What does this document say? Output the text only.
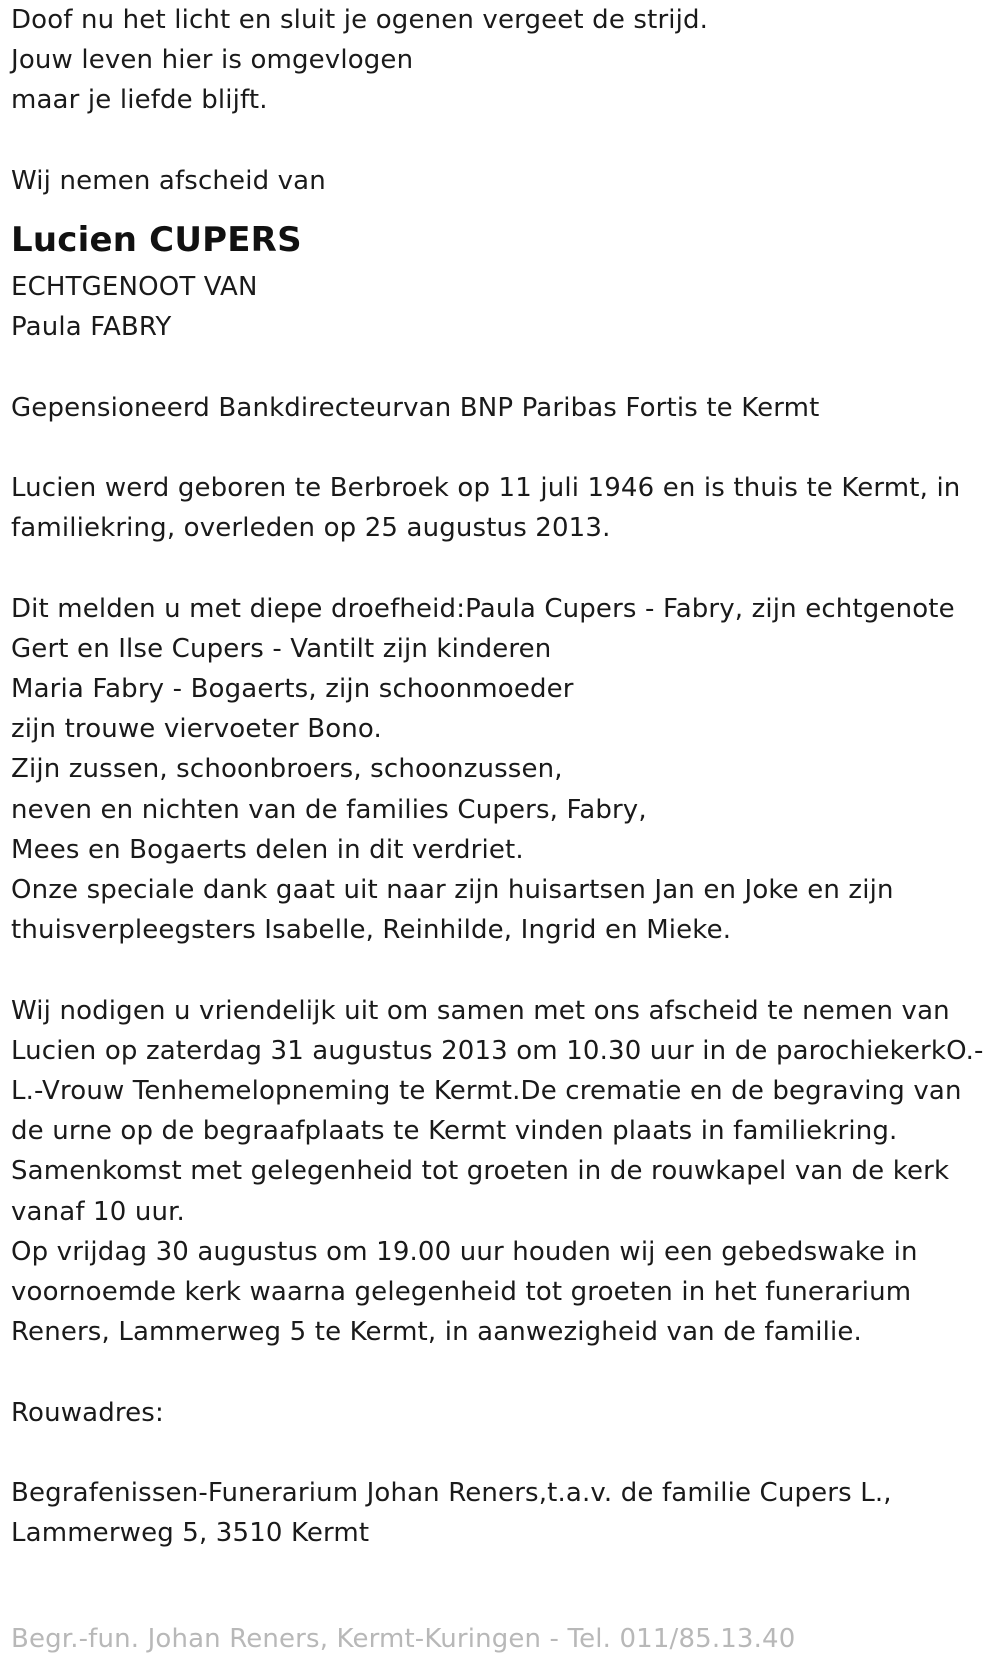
Doof nu het licht en sluit je ogenen vergeet de strijd.
Jouw leven hier is omgevlogen
maar je liefde blijft.
Wij nemen afscheid van
Lucien CUPERS
ECHTGENOOT VAN
Paula FABRY
Gepensioneerd Bankdirecteurvan BNP Paribas Fortis te Kermt
Lucien werd geboren te Berbroek op 11 juli 1946 en is thuis te Kermt, in
familiekring, overleden op 25 augustus 2013.
Dit melden u met diepe droefheid:Paula Cupers - Fabry, zijn echtgenote
Gert en Ilse Cupers - Vantilt zijn kinderen
Maria Fabry - Bogaerts, zijn schoonmoeder
zijn trouwe viervoeter Bono.
Zijn zussen, schoonbroers, schoonzussen,
neven en nichten van de families Cupers, Fabry,
Mees en Bogaerts delen in dit verdriet.
Onze speciale dank gaat uit naar zijn huisartsen Jan en Joke en zijn
thuisverpleegsters Isabelle, Reinhilde, Ingrid en Mieke.
Wij nodigen u vriendelijk uit om samen met ons afscheid te nemen van
Lucien op zaterdag 31 augustus 2013 om 10.30 uur in de parochiekerkO.-
L.-Vrouw Tenhemelopneming te Kermt.De crematie en de begraving van
de urne op de begraafplaats te Kermt vinden plaats in familiekring.
Samenkomst met gelegenheid tot groeten in de rouwkapel van de kerk
vanaf 10 uur.
Op vrijdag 30 augustus om 19.00 uur houden wij een gebedswake in
voornoemde kerk waarna gelegenheid tot groeten in het funerarium
Reners, Lammerweg 5 te Kermt, in aanwezigheid van de familie.
Rouwadres:
Begrafenissen-Funerarium Johan Reners,t.a.v. de familie Cupers L.,
Lammerweg 5, 3510 Kermt
Begr.-fun. Johan Reners, Kermt-Kuringen - Tel. 011/85.13.40
